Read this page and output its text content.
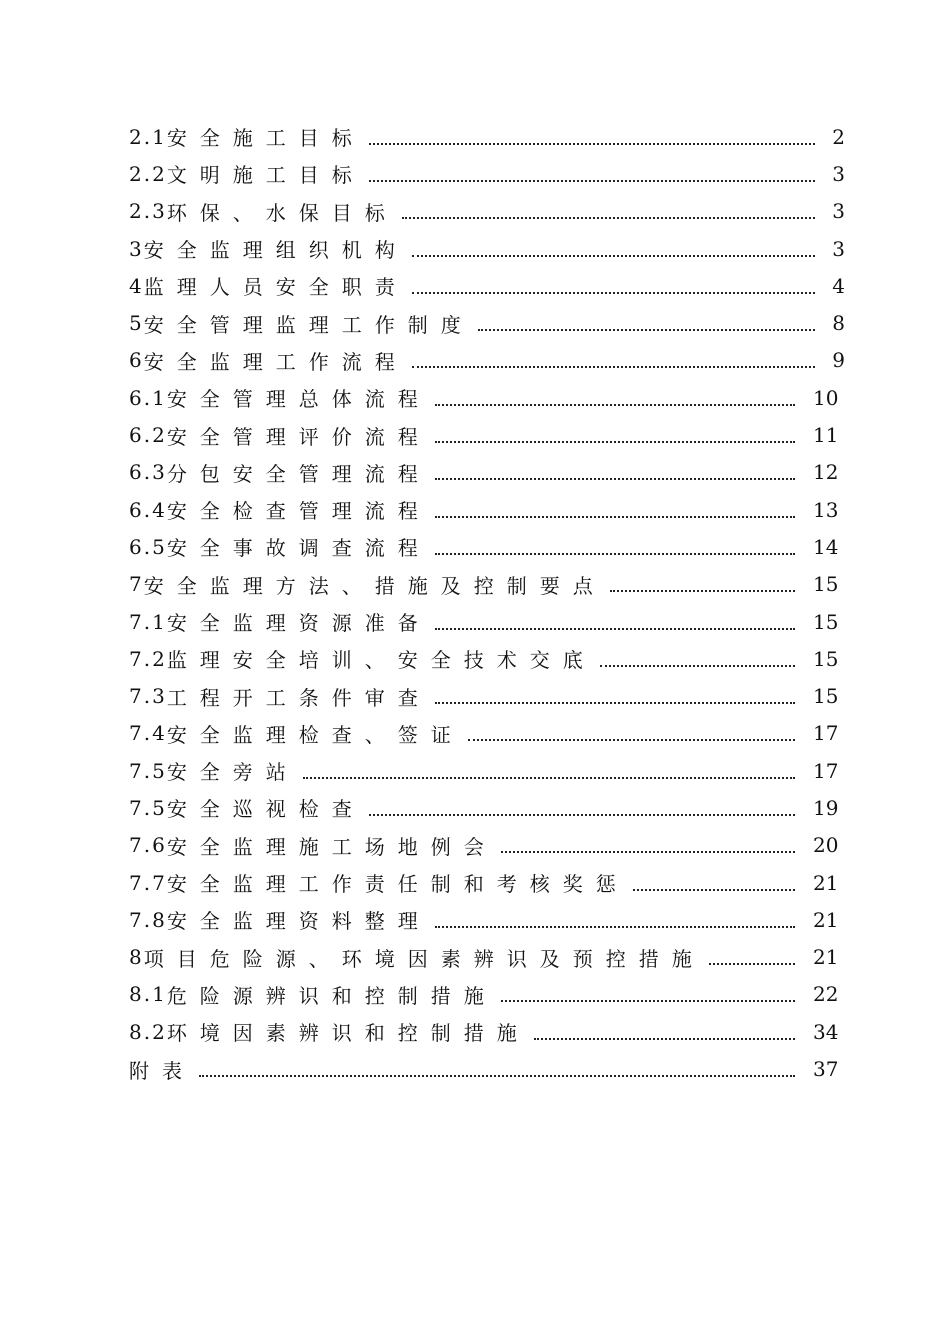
2.1 安全施工目标	2
2.2 文明施工目标	3
2.3 环保、水保目标	3
3 安全监理组织机构	3
4 监理人员安全职责	4
5 安全管理监理工作制度	8
6 安全监理工作流程	9
6.1 安全管理总体流程	10
6.2 安全管理评价流程	11
6.3 分包安全管理流程	12
6.4 安全检查管理流程	13
6.5 安全事故调查流程	14
7 安全监理方法、措施及控制要点	15
7.1 安全监理资源准备	15
7.2 监理安全培训、安全技术交底	15
7.3 工程开工条件审查	15
7.4 安全监理检查、签证	17
7.5 安全旁站	17
7.5 安全巡视检查	19
7.6 安全监理施工场地例会	20
7.7 安全监理工作责任制和考核奖惩	21
7.8 安全监理资料整理	21
8 项目危险源、环境因素辨识及预控措施	21
8.1 危险源辨识和控制措施	22
8.2 环境因素辨识和控制措施	34
附表	37
